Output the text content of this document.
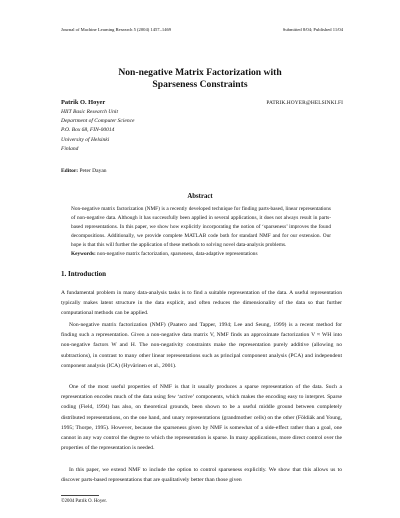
Journal of Machine Learning Research 5 (2004) 1457–1469	Submitted 8/04; Published 11/04
Non-negative Matrix Factorization with
Sparseness Constraints
Patrik O. Hoyer	PATRIK.HOYER@HELSINKI.FI
HIIT Basic Research Unit
Department of Computer Science
P.O. Box 68, FIN-00014
University of Helsinki
Finland
Editor: Peter Dayan
Abstract
Non-negative matrix factorization (NMF) is a recently developed technique for finding parts-based, linear representations of non-negative data. Although it has successfully been applied in several applications, it does not always result in parts-based representations. In this paper, we show how explicitly incorporating the notion of ‘sparseness’ improves the found decompositions. Additionally, we provide complete MATLAB code both for standard NMF and for our extension. Our hope is that this will further the application of these methods to solving novel data-analysis problems.
Keywords: non-negative matrix factorization, sparseness, data-adaptive representations
1. Introduction
A fundamental problem in many data-analysis tasks is to find a suitable representation of the data. A useful representation typically makes latent structure in the data explicit, and often reduces the dimensionality of the data so that further computational methods can be applied.
Non-negative matrix factorization (NMF) (Paatero and Tapper, 1994; Lee and Seung, 1999) is a recent method for finding such a representation. Given a non-negative data matrix V, NMF finds an approximate factorization V ≈ WH into non-negative factors W and H. The non-negativity constraints make the representation purely additive (allowing no subtractions), in contrast to many other linear representations such as principal component analysis (PCA) and independent component analysis (ICA) (Hyvärinen et al., 2001).
One of the most useful properties of NMF is that it usually produces a sparse representation of the data. Such a representation encodes much of the data using few ‘active’ components, which makes the encoding easy to interpret. Sparse coding (Field, 1994) has also, on theoretical grounds, been shown to be a useful middle ground between completely distributed representations, on the one hand, and unary representations (grandmother cells) on the other (Földiák and Young, 1995; Thorpe, 1995). However, because the sparseness given by NMF is somewhat of a side-effect rather than a goal, one cannot in any way control the degree to which the representation is sparse. In many applications, more direct control over the properties of the representation is needed.
In this paper, we extend NMF to include the option to control sparseness explicitly. We show that this allows us to discover parts-based representations that are qualitatively better than those given
©2004 Patrik O. Hoyer.
